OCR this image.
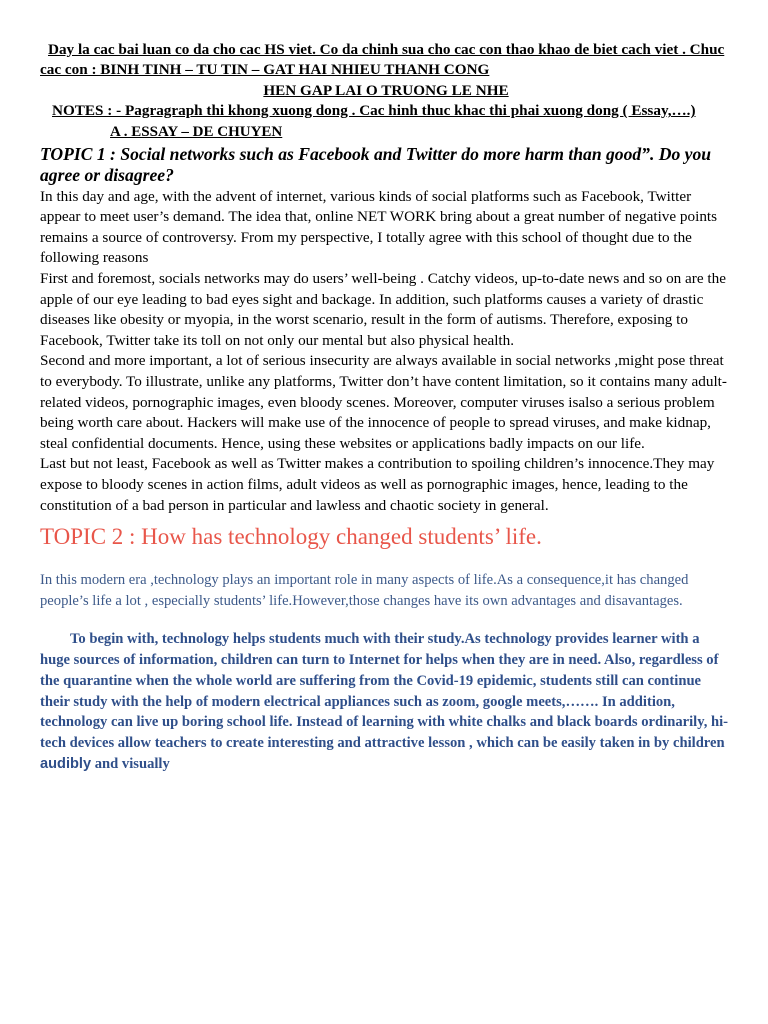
Day la cac bai luan co da cho cac HS viet. Co da chinh sua cho cac con thao khao de biet cach viet . Chuc cac con : BINH TINH – TU TIN – GAT HAI NHIEU THANH CONG
HEN GAP LAI O TRUONG LE NHE
NOTES : - Pagragraph thi khong xuong dong . Cac hinh thuc khac thi phai xuong dong ( Essay,….)
A . ESSAY – DE CHUYEN
TOPIC 1 : Social networks such as Facebook and Twitter do more harm than good”. Do you agree or disagree?

In this day and age, with the advent of internet, various kinds of social platforms such as Facebook, Twitter appear to meet user’s demand. The idea that, online NET WORK bring about a great number of negative points remains a source of controversy. From my perspective, I totally agree with this school of thought due to the following reasons

First and foremost, socials networks may do users’ well-being . Catchy videos, up-to-date news and so on are the apple of our eye leading to bad eyes sight and backage. In addition, such platforms causes a variety of drastic diseases like obesity or myopia, in the worst scenario, result in the form of autisms. Therefore, exposing to Facebook, Twitter take its toll on not only our mental but also physical health.

Second and more important, a lot of serious insecurity are always available in social networks ,might pose threat to everybody. To illustrate, unlike any platforms, Twitter don’t have content limitation, so it contains many adult-related videos, pornographic images, even bloody scenes. Moreover, computer viruses isalso a serious problem being worth care about. Hackers will make use of the innocence of people to spread viruses, and make kidnap, steal confidential documents. Hence, using these websites or applications badly impacts on our life.

Last but not least, Facebook as well as Twitter makes a contribution to spoiling children’s innocence.They may expose to bloody scenes in action films, adult videos as well as pornographic images, hence, leading to the constitution of a bad person in particular and lawless and chaotic society in general.

TOPIC 2 : How has technology changed students’ life.

In this modern era ,technology plays an important role in many aspects of life.As a consequence,it has changed people’s life a lot , especially students’ life.However,those changes have its own advantages and disavantages.

To begin with, technology helps students much with their study.As technology provides learner with a huge sources of information, children can turn to Internet for helps when they are in need. Also, regardless of the quarantine when the whole world are suffering from the Covid-19 epidemic, students still can continue their study with the help of modern electrical appliances such as zoom, google meets,……. In addition, technology can live up boring school life. Instead of learning with white chalks and black boards ordinarily, hi-tech devices allow teachers to create interesting and attractive lesson , which can be easily taken in by children audibly and visually
